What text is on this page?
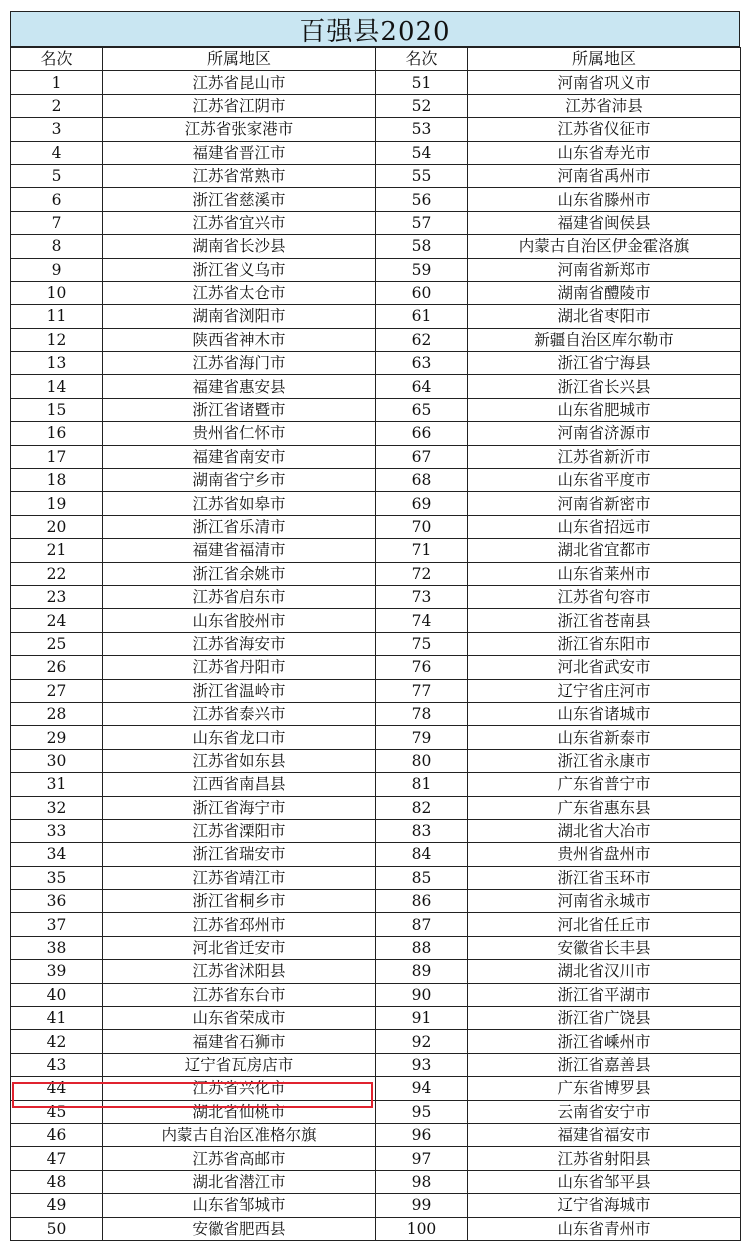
百强县2020
名次	所属地区	名次	所属地区
1	江苏省昆山市	51	河南省巩义市
2	江苏省江阴市	52	江苏省沛县
3	江苏省张家港市	53	江苏省仪征市
4	福建省晋江市	54	山东省寿光市
5	江苏省常熟市	55	河南省禹州市
6	浙江省慈溪市	56	山东省滕州市
7	江苏省宜兴市	57	福建省闽侯县
8	湖南省长沙县	58	内蒙古自治区伊金霍洛旗
9	浙江省义乌市	59	河南省新郑市
10	江苏省太仓市	60	湖南省醴陵市
11	湖南省浏阳市	61	湖北省枣阳市
12	陕西省神木市	62	新疆自治区库尔勒市
13	江苏省海门市	63	浙江省宁海县
14	福建省惠安县	64	浙江省长兴县
15	浙江省诸暨市	65	山东省肥城市
16	贵州省仁怀市	66	河南省济源市
17	福建省南安市	67	江苏省新沂市
18	湖南省宁乡市	68	山东省平度市
19	江苏省如皋市	69	河南省新密市
20	浙江省乐清市	70	山东省招远市
21	福建省福清市	71	湖北省宜都市
22	浙江省余姚市	72	山东省莱州市
23	江苏省启东市	73	江苏省句容市
24	山东省胶州市	74	浙江省苍南县
25	江苏省海安市	75	浙江省东阳市
26	江苏省丹阳市	76	河北省武安市
27	浙江省温岭市	77	辽宁省庄河市
28	江苏省泰兴市	78	山东省诸城市
29	山东省龙口市	79	山东省新泰市
30	江苏省如东县	80	浙江省永康市
31	江西省南昌县	81	广东省普宁市
32	浙江省海宁市	82	广东省惠东县
33	江苏省溧阳市	83	湖北省大冶市
34	浙江省瑞安市	84	贵州省盘州市
35	江苏省靖江市	85	浙江省玉环市
36	浙江省桐乡市	86	河南省永城市
37	江苏省邳州市	87	河北省任丘市
38	河北省迁安市	88	安徽省长丰县
39	江苏省沭阳县	89	湖北省汉川市
40	江苏省东台市	90	浙江省平湖市
41	山东省荣成市	91	浙江省广饶县
42	福建省石狮市	92	浙江省嵊州市
43	辽宁省瓦房店市	93	浙江省嘉善县
44	江苏省兴化市	94	广东省博罗县
45	湖北省仙桃市	95	云南省安宁市
46	内蒙古自治区准格尔旗	96	福建省福安市
47	江苏省高邮市	97	江苏省射阳县
48	湖北省潜江市	98	山东省邹平县
49	山东省邹城市	99	辽宁省海城市
50	安徽省肥西县	100	山东省青州市
